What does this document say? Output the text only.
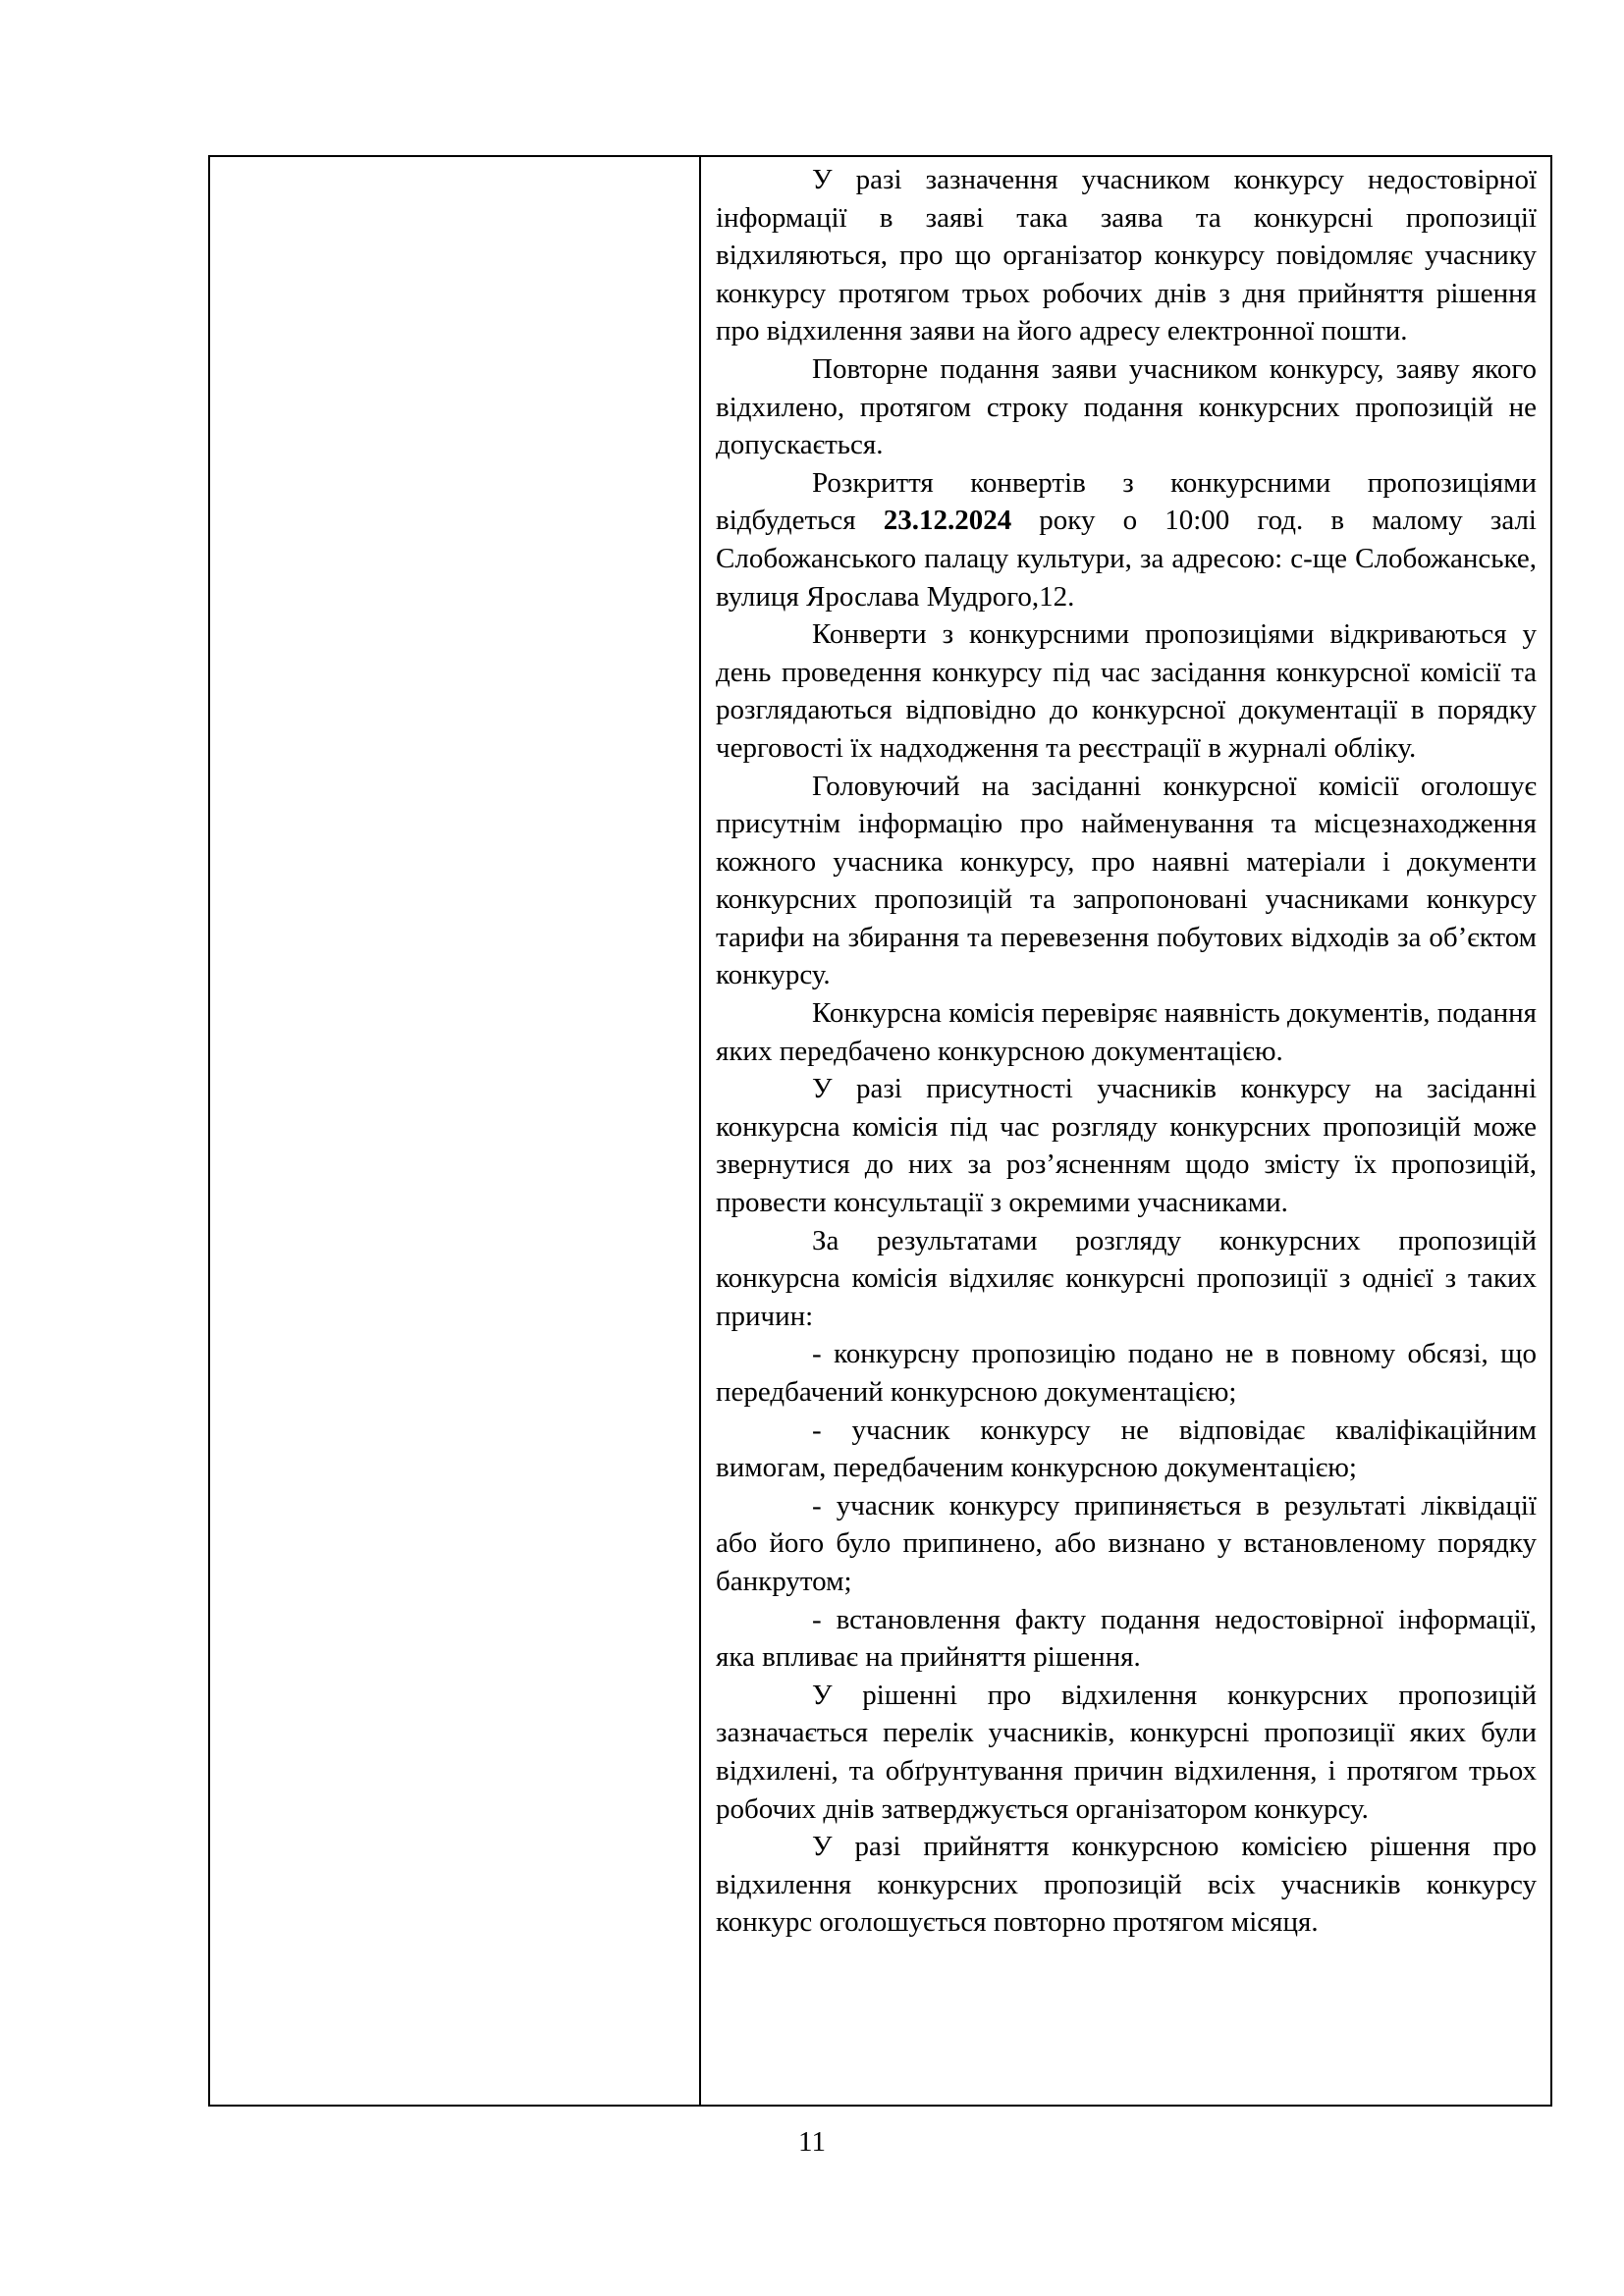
У разі зазначення учасником конкурсу недостовірної інформації в заяві така заява та конкурсні пропозиції відхиляються, про що організатор конкурсу повідомляє учаснику конкурсу протягом трьох робочих днів з дня прийняття рішення про відхилення заяви на його адресу електронної пошти.

Повторне подання заяви учасником конкурсу, заяву якого відхилено, протягом строку подання конкурсних пропозицій не допускається.

Розкриття конвертів з конкурсними пропозиціями відбудеться 23.12.2024 року о 10:00 год. в малому залі Слобожанського палацу культури, за адресою: с-ще Слобожанське, вулиця Ярослава Мудрого,12.

Конверти з конкурсними пропозиціями відкриваються у день проведення конкурсу під час засідання конкурсної комісії та розглядаються відповідно до конкурсної документації в порядку черговості їх надходження та реєстрації в журналі обліку.

Головуючий на засіданні конкурсної комісії оголошує присутнім інформацію про найменування та місцезнаходження кожного учасника конкурсу, про наявні матеріали і документи конкурсних пропозицій та запропоновані учасниками конкурсу тарифи на збирання та перевезення побутових відходів за об’єктом конкурсу.

Конкурсна комісія перевіряє наявність документів, подання яких передбачено конкурсною документацією.

У разі присутності учасників конкурсу на засіданні конкурсна комісія під час розгляду конкурсних пропозицій може звернутися до них за роз’ясненням щодо змісту їх пропозицій, провести консультації з окремими учасниками.

За результатами розгляду конкурсних пропозицій конкурсна комісія відхиляє конкурсні пропозиції з однієї з таких причин:

- конкурсну пропозицію подано не в повному обсязі, що передбачений конкурсною документацією;

- учасник конкурсу не відповідає кваліфікаційним вимогам, передбаченим конкурсною документацією;

- учасник конкурсу припиняється в результаті ліквідації або його було припинено, або визнано у встановленому порядку банкрутом;

- встановлення факту подання недостовірної інформації, яка впливає на прийняття рішення.

У рішенні про відхилення конкурсних пропозицій зазначається перелік учасників, конкурсні пропозиції яких були відхилені, та обґрунтування причин відхилення, і протягом трьох робочих днів затверджується організатором конкурсу.

У разі прийняття конкурсною комісією рішення про відхилення конкурсних пропозицій всіх учасників конкурсу конкурс оголошується повторно протягом місяця.

11
